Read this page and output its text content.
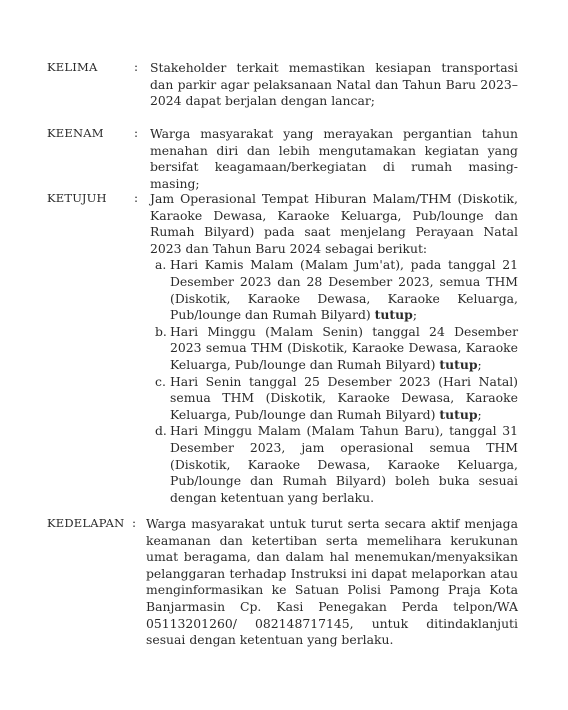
KELIMA	: Stakeholder terkait memastikan kesiapan transportasi dan parkir agar pelaksanaan Natal dan Tahun Baru 2023–2024 dapat berjalan dengan lancar;
KEENAM	: Warga masyarakat yang merayakan pergantian tahun menahan diri dan lebih mengutamakan kegiatan yang bersifat keagamaan/berkegiatan di rumah masing-masing;
KETUJUH : Jam Operasional Tempat Hiburan Malam/THM (Diskotik, Karaoke Dewasa, Karaoke Keluarga, Pub/lounge dan Rumah Bilyard) pada saat menjelang Perayaan Natal 2023 dan Tahun Baru 2024 sebagai berikut:
a. Hari Kamis Malam (Malam Jum'at), pada tanggal 21 Desember 2023 dan 28 Desember 2023, semua THM (Diskotik, Karaoke Dewasa, Karaoke Keluarga, Pub/lounge dan Rumah Bilyard) tutup;
b. Hari Minggu (Malam Senin) tanggal 24 Desember 2023 semua THM (Diskotik, Karaoke Dewasa, Karaoke Keluarga, Pub/lounge dan Rumah Bilyard) tutup;
c. Hari Senin tanggal 25 Desember 2023 (Hari Natal) semua THM (Diskotik, Karaoke Dewasa, Karaoke Keluarga, Pub/lounge dan Rumah Bilyard) tutup;
d. Hari Minggu Malam (Malam Tahun Baru), tanggal 31 Desember 2023, jam operasional semua THM (Diskotik, Karaoke Dewasa, Karaoke Keluarga, Pub/lounge dan Rumah Bilyard) boleh buka sesuai dengan ketentuan yang berlaku.
KEDELAPAN : Warga masyarakat untuk turut serta secara aktif menjaga keamanan dan ketertiban serta memelihara kerukunan umat beragama, dan dalam hal menemukan/menyaksikan pelanggaran terhadap Instruksi ini dapat melaporkan atau menginformasikan ke Satuan Polisi Pamong Praja Kota Banjarmasin Cp. Kasi Penegakan Perda telpon/WA 05113201260/ 082148717145, untuk ditindaklanjuti sesuai dengan ketentuan yang berlaku.
